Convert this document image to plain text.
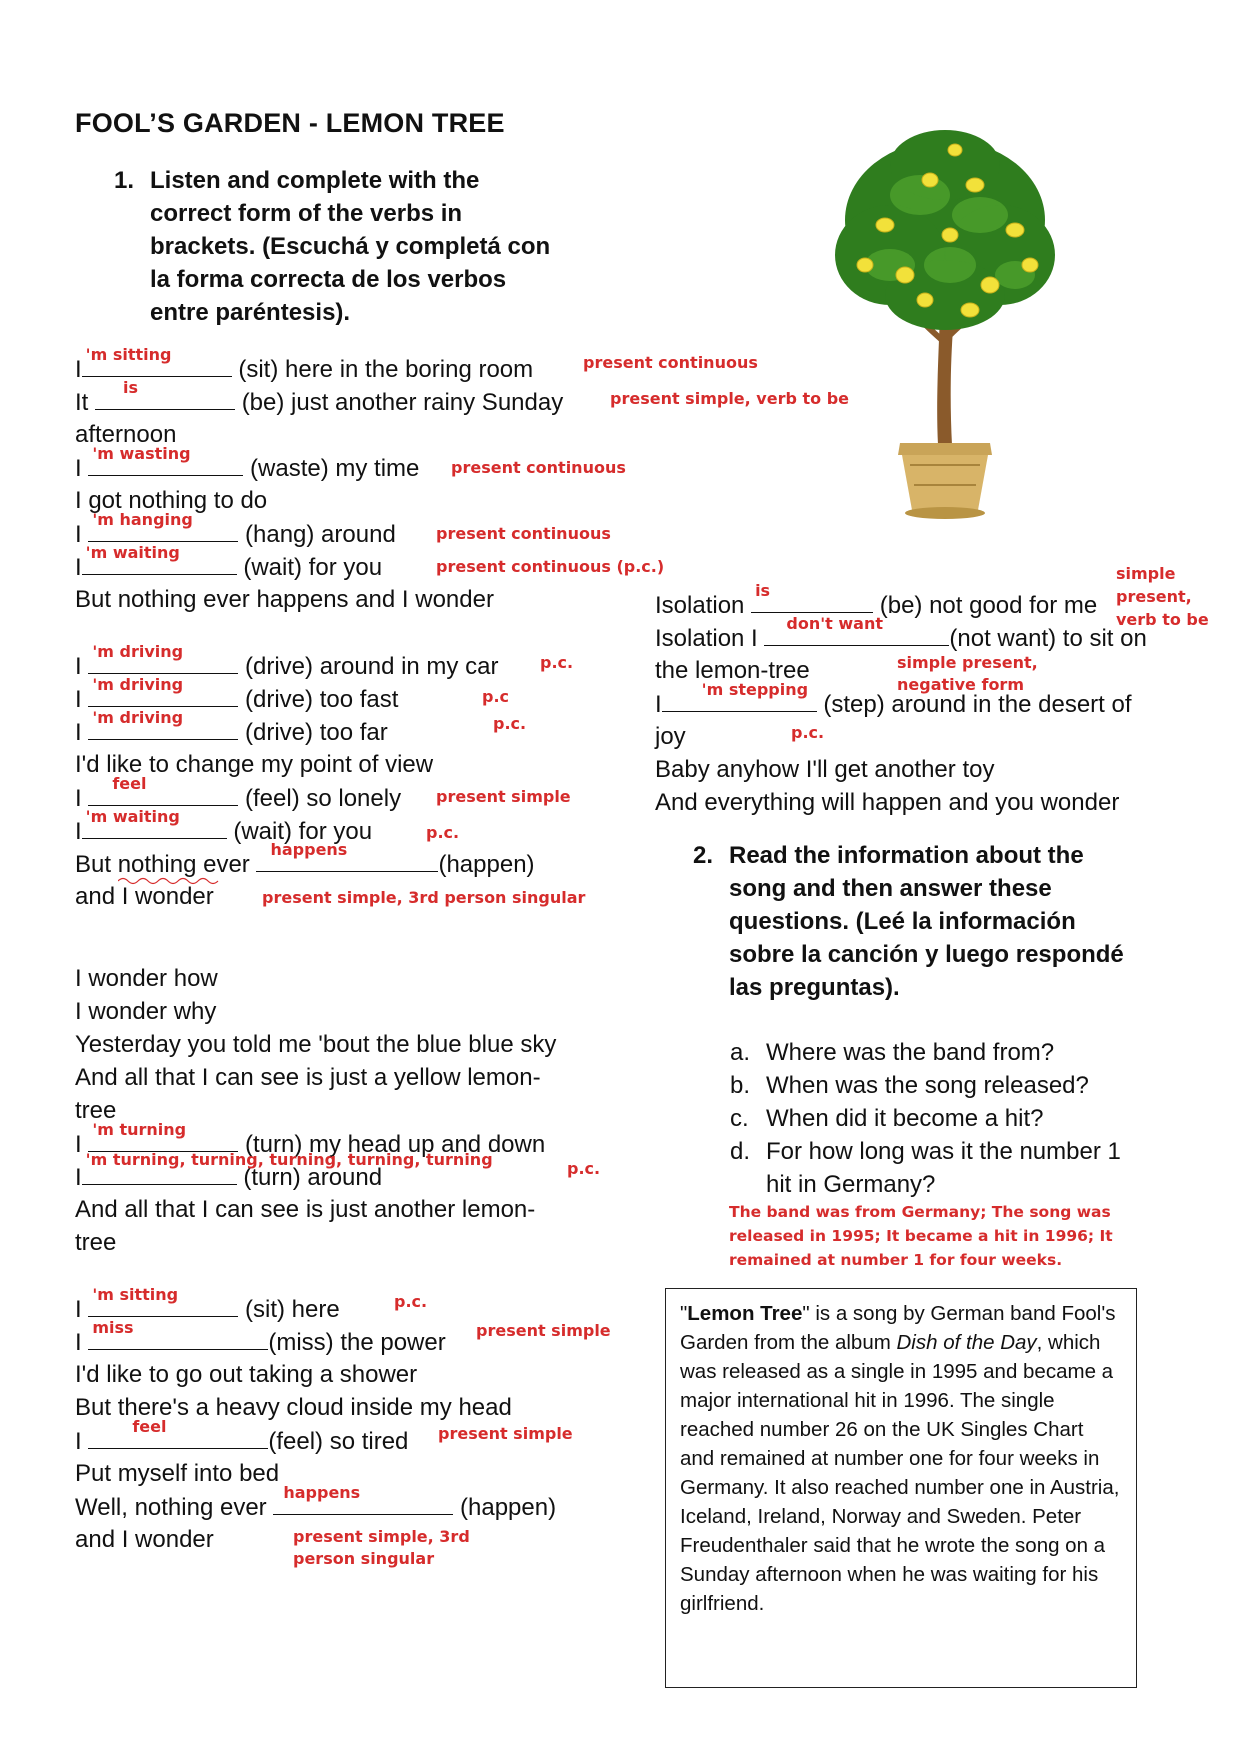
FOOL’S GARDEN - LEMON TREE
1. Listen and complete with the
correct form of the verbs in
brackets. (Escuchá y completá con
la forma correcta de los verbos
entre paréntesis).
I
'm sitting
(sit) here in the boring room	present continuous
It
is
(be) just another rainy Sunday	present simple, verb to be
afternoon
I
'm wasting
(waste) my time present continuous
I got nothing to do
I
'm hanging
(hang) around	present continuous
I
'm waiting
(wait) for you	present continuous (p.c.)
But nothing ever happens and I wonder
I
'm driving
(drive) around in my car	p.c.
I
'm driving
(drive) too fast	p.c
I
'm driving
(drive) too far	p.c.
I'd like to change my point of view
I
feel
(feel) so lonely present simple
I
'm waiting
(wait) for you	p.c.
But nothing ever
happens
(happen)
and I wonder	present simple, 3rd person singular
I wonder how
I wonder why
Yesterday you told me 'bout the blue blue sky
And all that I can see is just a yellow lemon-
tree
I
'm turning
(turn) my head up and down
I
'm turning, turning, turning, turning, turning
(turn) around	p.c.
And all that I can see is just another lemon-
tree
I
'm sitting
(sit) here	p.c.
I
miss
(miss) the power present simple
I'd like to go out taking a shower
But there's a heavy cloud inside my head
I
feel
(feel) so tired present simple
Put myself into bed
Well, nothing ever
happens
(happen)
and I wonder	present simple, 3rd person singular
Isolation
is
(be) not good for me
simple present, verb to be
Isolation I
don't want
(not want) to sit on
the lemon-tree	simple present, negative form
I
'm stepping
(step) around in the desert of
joy	p.c.
Baby anyhow I'll get another toy
And everything will happen and you wonder
2. Read the information about the
song and then answer these
questions. (Leé la información
sobre la canción y luego respondé
las preguntas).
a. Where was the band from?
b. When was the song released?
c. When did it become a hit?
d. For how long was it the number 1
hit in Germany?
The band was from Germany; The song was
released in 1995; It became a hit in 1996; It
remained at number 1 for four weeks.
"Lemon Tree" is a song by German band Fool's Garden from the album Dish of the Day, which was released as a single in 1995 and became a major international hit in 1996. The single reached number 26 on the UK Singles Chart and remained at number one for four weeks in Germany. It also reached number one in Austria, Iceland, Ireland, Norway and Sweden. Peter Freudenthaler said that he wrote the song on a Sunday afternoon when he was waiting for his girlfriend.
